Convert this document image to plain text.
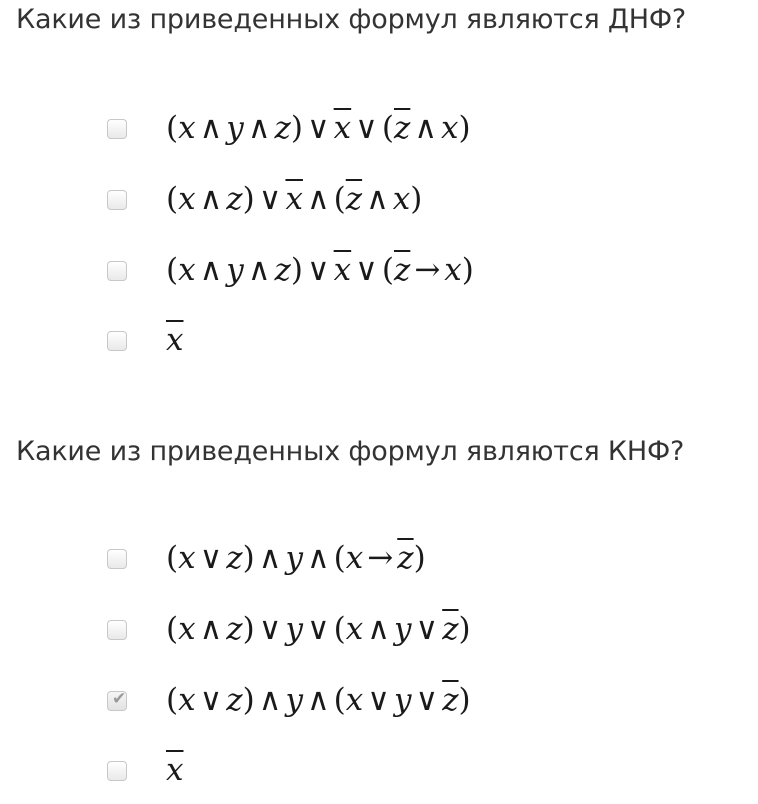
Какие из приведенных формул являются ДНФ?
(x ∧ y ∧ z) ∨ $\overline{x}$ ∨ ($\overline{z}$ ∧ x)
(x ∧ z) ∨ $\overline{x}$ ∧ ($\overline{z}$ ∧ x)
(x ∧ y ∧ z) ∨ $\overline{x}$ ∨ $(\overline{z} \to x)$
$\overline{x}$
Какие из приведенных формул являются КНФ?
(x ∨ z) ∧ y ∧ $(x \to \overline{z})$
(x ∧ z) ∨ y ∨ (x ∧ y ∨ $\overline{z}$)
✔ (x ∨ z) ∧ y ∧ (x ∨ y ∨ $\overline{z}$)
$\overline{x}$
